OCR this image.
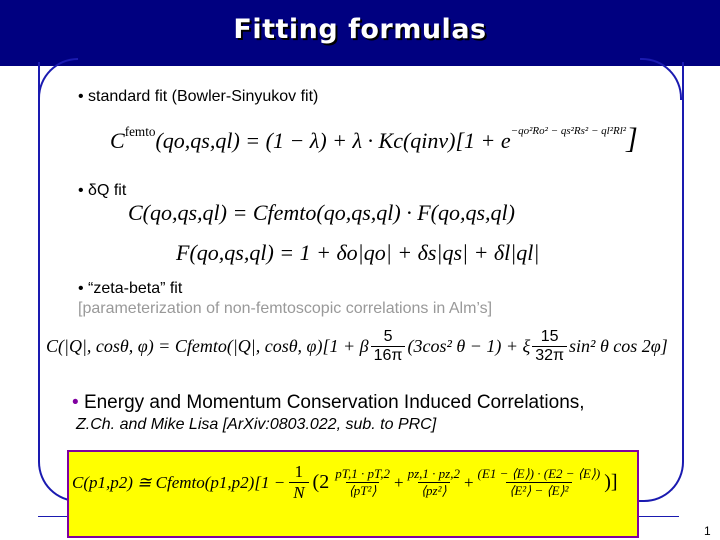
Fitting formulas
• standard fit (Bowler-Sinyukov fit)
$C^{femto}(qo,qs,ql) = (1 - \lambda) + \lambda$ · Kc(qinv)[1 + $e^{-qo^2Ro^2 - qs^2Rs^2 - ql^2Rl^2}$]
• δQ fit
C(qo,qs,ql) = Cfemto(qo,qs,ql) · F(qo,qs,ql)
F(qo,qs,ql) = 1 + δo|qo| + δs|qs| + δl|ql|
• “zeta-beta” fit
[parameterization of non-femtoscopic correlations in Alm’s]
C(|Q|, cosθ, φ) = Cfemto(|Q|, cosθ, φ)[1 + β $\frac{5}{16\pi} (3\cos^2$ θ − 1) + ξ $\frac{15}{32\pi} \sin^2$ θ cos 2φ]
• Energy and Momentum Conservation Induced Correlations,
Z.Ch. and Mike Lisa [ArXiv:0803.022, sub. to PRC]
C(p1,p2) ≅ Cfemto(p1,p2)[1 − $\frac{1}{N} (2 \frac{pT,1 \cdot pT,2}{\text{⟨pT²⟩}} + \frac{pz,1 \cdot pz,2}{\text{⟨pz²⟩}} + \frac{(E1 - ⟨E⟩) \cdot (E2 - ⟨E⟩)}{\text{⟨E²⟩ − ⟨E⟩²}}$ )]
1
